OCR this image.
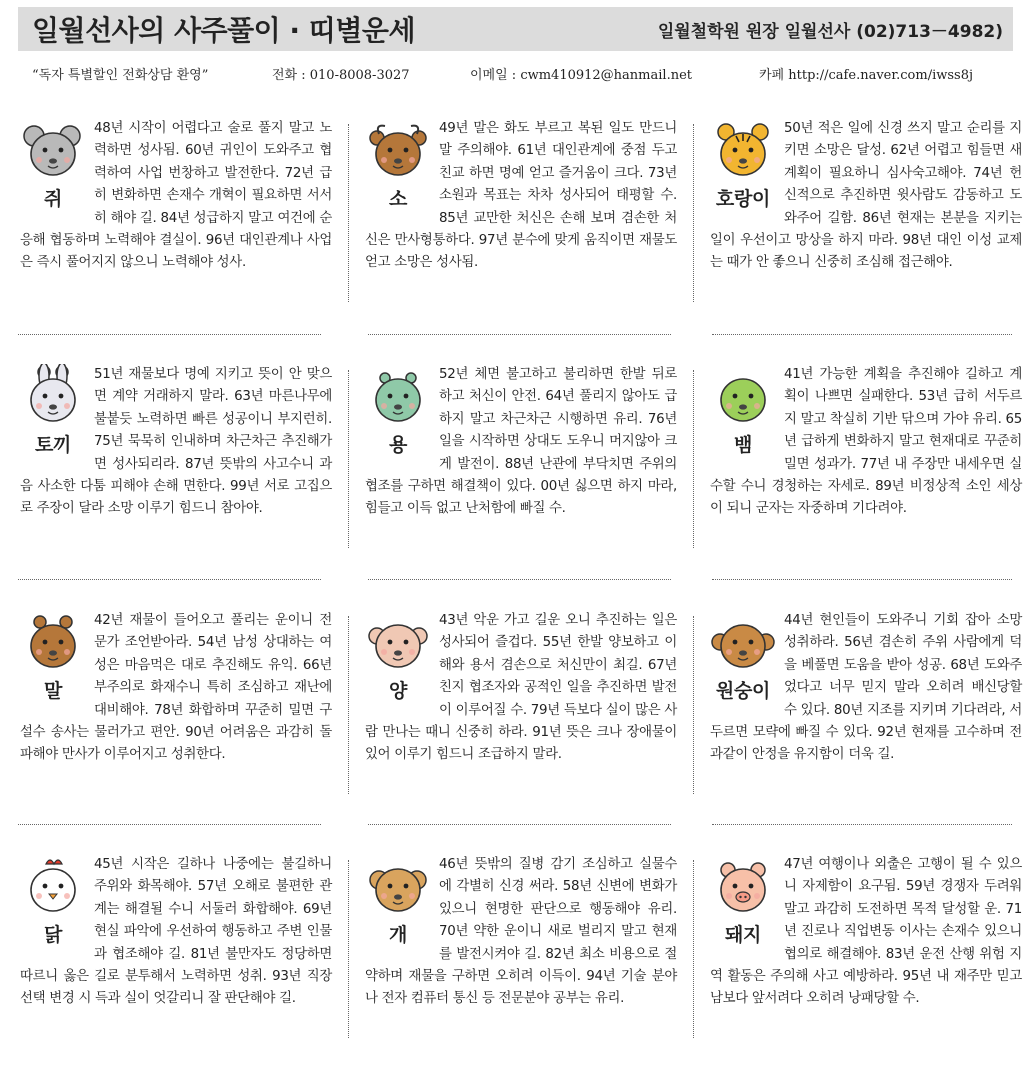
일월선사의 사주풀이 · 띠별운세	일월철학원 원장 일월선사 (02)713－4982)
“독자 특별할인 전화상담 환영”	전화 : 010-8008-3027	이메일 : cwm410912@hanmail.net	카페 http://cafe.naver.com/iwss8j

쥐
48년 시작이 어렵다고 술로 풀지 말고 노력하면 성사됨. 60년 귀인이 도와주고 협력하여 사업 번창하고 발전한다. 72년 급히 변화하면 손재수 개혁이 필요하면 서서히 해야 길. 84년 성급하지 말고 여건에 순응해 협동하며 노력해야 결실이. 96년 대인관계나 사업은 즉시 풀어지지 않으니 노력해야 성사.

소
49년 말은 화도 부르고 복된 일도 만드니 말 주의해야. 61년 대인관계에 중점 두고 친교 하면 명예 얻고 즐거움이 크다. 73년 소원과 목표는 차차 성사되어 태평할 수. 85년 교만한 처신은 손해 보며 겸손한 처신은 만사형통하다. 97년 분수에 맞게 움직이면 재물도 얻고 소망은 성사됨.

호랑이
50년 적은 일에 신경 쓰지 말고 순리를 지키면 소망은 달성. 62년 어렵고 힘들면 새 계획이 필요하니 심사숙고해야. 74년 헌신적으로 추진하면 윗사람도 감동하고 도와주어 길함. 86년 현재는 본분을 지키는 일이 우선이고 망상을 하지 마라. 98년 대인 이성 교제는 때가 안 좋으니 신중히 조심해 접근해야.

토끼
51년 재물보다 명예 지키고 뜻이 안 맞으면 계약 거래하지 말라. 63년 마른나무에 불붙듯 노력하면 빠른 성공이니 부지런히. 75년 묵묵히 인내하며 차근차근 추진해가면 성사되리라. 87년 뜻밖의 사고수니 과음 사소한 다툼 피해야 손해 면한다. 99년 서로 고집으로 주장이 달라 소망 이루기 힘드니 참아야.

용
52년 체면 불고하고 불리하면 한발 뒤로하고 처신이 안전. 64년 풀리지 않아도 급하지 말고 차근차근 시행하면 유리. 76년 일을 시작하면 상대도 도우니 머지않아 크게 발전이. 88년 난관에 부닥치면 주위의 협조를 구하면 해결책이 있다. 00년 싫으면 하지 마라, 힘들고 이득 없고 난처함에 빠질 수.

뱀
41년 가능한 계획을 추진해야 길하고 계획이 나쁘면 실패한다. 53년 급히 서두르지 말고 착실히 기반 닦으며 가야 유리. 65년 급하게 변화하지 말고 현재대로 꾸준히 밀면 성과가. 77년 내 주장만 내세우면 실수할 수니 경청하는 자세로. 89년 비정상적 소인 세상이 되니 군자는 자중하며 기다려야.

말
42년 재물이 들어오고 풀리는 운이니 전문가 조언받아라. 54년 남성 상대하는 여성은 마음먹은 대로 추진해도 유익. 66년 부주의로 화재수니 특히 조심하고 재난에 대비해야. 78년 화합하며 꾸준히 밀면 구설수 송사는 물러가고 편안. 90년 어려움은 과감히 돌파해야 만사가 이루어지고 성취한다.

양
43년 악운 가고 길운 오니 추진하는 일은 성사되어 즐겁다. 55년 한발 양보하고 이해와 용서 겸손으로 처신만이 최길. 67년 친지 협조자와 공적인 일을 추진하면 발전이 이루어질 수. 79년 득보다 실이 많은 사람 만나는 때니 신중히 하라. 91년 뜻은 크나 장애물이 있어 이루기 힘드니 조급하지 말라.

원숭이
44년 현인들이 도와주니 기회 잡아 소망 성취하라. 56년 겸손히 주위 사람에게 덕을 베풀면 도움을 받아 성공. 68년 도와주었다고 너무 믿지 말라 오히려 배신당할 수 있다. 80년 지조를 지키며 기다려라, 서두르면 모략에 빠질 수 있다. 92년 현재를 고수하며 전과같이 안정을 유지함이 더욱 길.

닭
45년 시작은 길하나 나중에는 불길하니 주위와 화목해야. 57년 오해로 불편한 관계는 해결될 수니 서둘러 화합해야. 69년 현실 파악에 우선하여 행동하고 주변 인물과 협조해야 길. 81년 불만자도 정당하면 따르니 옳은 길로 분투해서 노력하면 성취. 93년 직장 선택 변경 시 득과 실이 엇갈리니 잘 판단해야 길.

개
46년 뜻밖의 질병 감기 조심하고 실물수에 각별히 신경 써라. 58년 신변에 변화가 있으니 현명한 판단으로 행동해야 유리. 70년 약한 운이니 새로 벌리지 말고 현재를 발전시켜야 길. 82년 최소 비용으로 절약하며 재물을 구하면 오히려 이득이. 94년 기술 분야나 전자 컴퓨터 통신 등 전문분야 공부는 유리.

돼지
47년 여행이나 외출은 고행이 될 수 있으니 자제함이 요구됨. 59년 경쟁자 두려워 말고 과감히 도전하면 목적 달성할 운. 71년 진로나 직업변동 이사는 손재수 있으니 협의로 해결해야. 83년 운전 산행 위험 지역 활동은 주의해 사고 예방하라. 95년 내 재주만 믿고 남보다 앞서려다 오히려 낭패당할 수.
